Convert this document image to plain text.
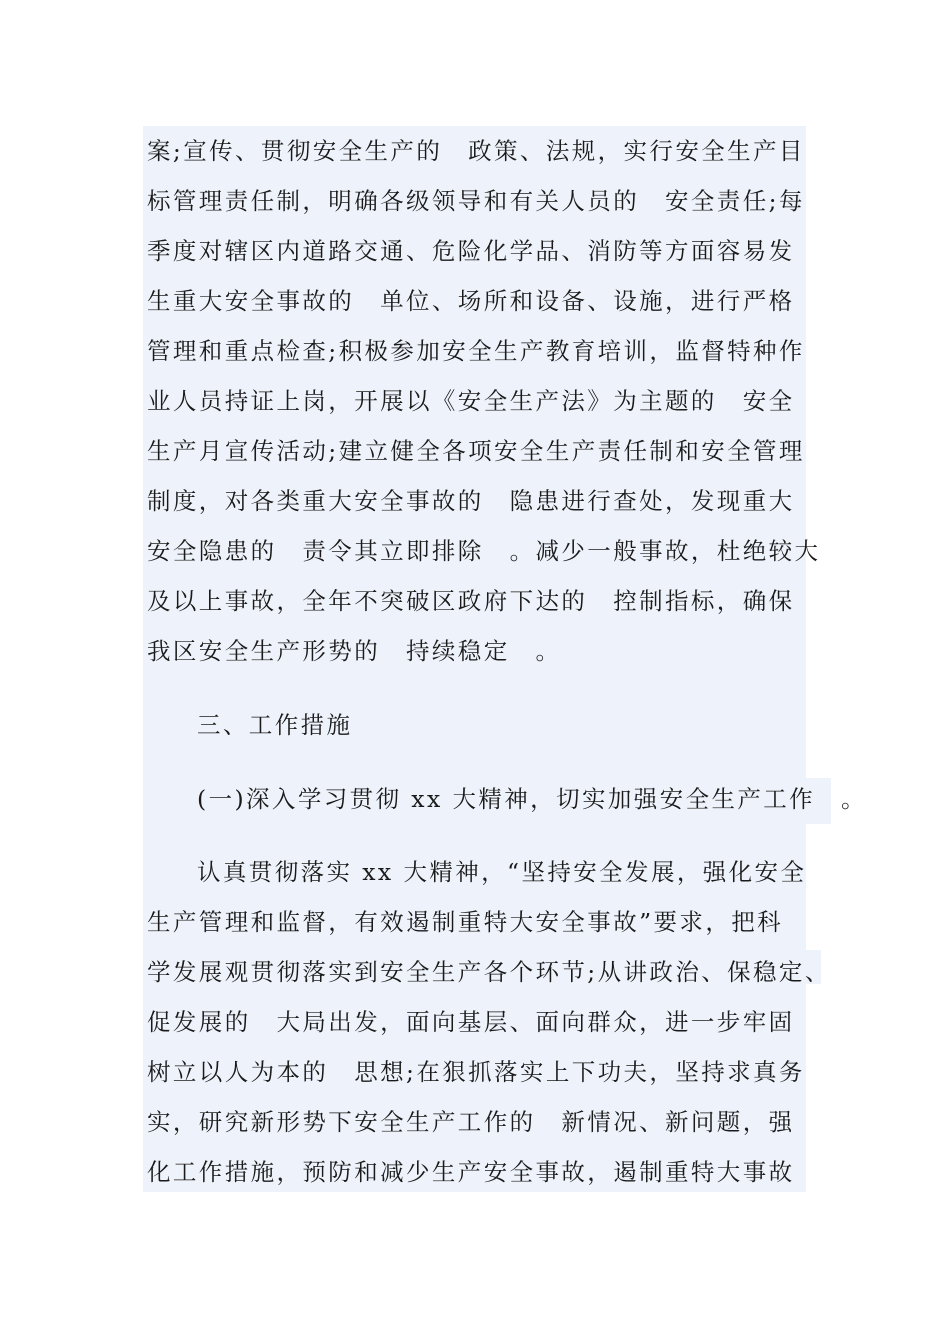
案;宣传、贯彻安全生产的　政策、法规，实行安全生产目
标管理责任制，明确各级领导和有关人员的　安全责任;每
季度对辖区内道路交通、危险化学品、消防等方面容易发
生重大安全事故的　单位、场所和设备、设施，进行严格
管理和重点检查;积极参加安全生产教育培训，监督特种作
业人员持证上岗，开展以《安全生产法》为主题的　安全
生产月宣传活动;建立健全各项安全生产责任制和安全管理
制度，对各类重大安全事故的　隐患进行查处，发现重大
安全隐患的　责令其立即排除　。减少一般事故，杜绝较大
及以上事故，全年不突破区政府下达的　控制指标，确保
我区安全生产形势的　持续稳定　。
三、工作措施
(一)深入学习贯彻 xx 大精神，切实加强安全生产工作　。
认真贯彻落实 xx 大精神，“坚持安全发展，强化安全
生产管理和监督，有效遏制重特大安全事故”要求，把科
学发展观贯彻落实到安全生产各个环节;从讲政治、保稳定、
促发展的　大局出发，面向基层、面向群众，进一步牢固
树立以人为本的　思想;在狠抓落实上下功夫，坚持求真务
实，研究新形势下安全生产工作的　新情况、新问题，强
化工作措施，预防和减少生产安全事故，遏制重特大事故
